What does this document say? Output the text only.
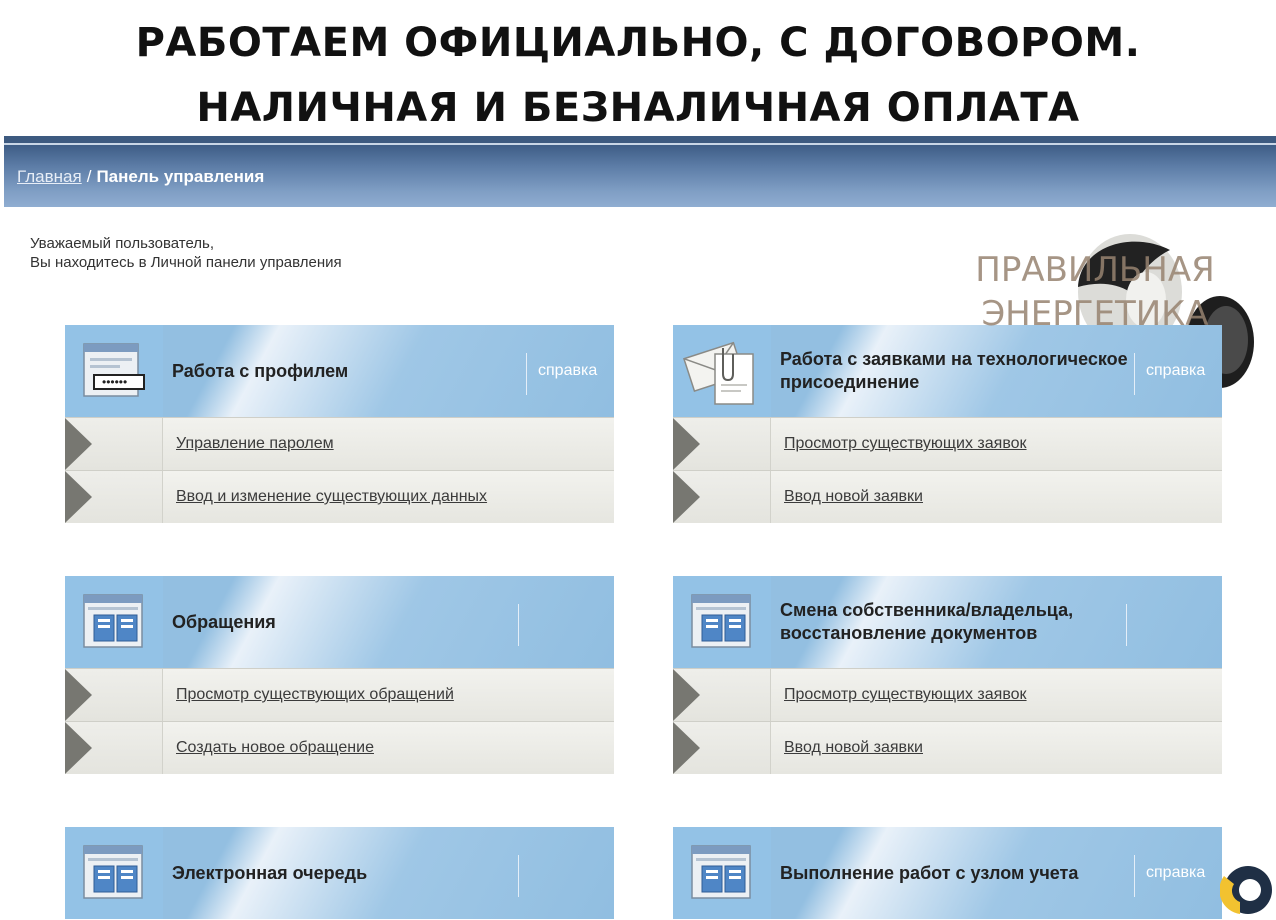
РАБОТАЕМ ОФИЦИАЛЬНО, С ДОГОВОРОМ.
НАЛИЧНАЯ И БЕЗНАЛИЧНАЯ ОПЛАТА
Главная / Панель управления
Уважаемый пользователь,
Вы находитесь в Личной панели управления	ПРАВИЛЬНАЯ
ЭНЕРГЕТИКА
••••••
Работа с профилем	справка
Управление паролем
Ввод и изменение существующих данных
Работа с заявками на технологическое присоединение
справка
Просмотр существующих заявок
Ввод новой заявки
Обращения
Просмотр существующих обращений
Создать новое обращение
Смена собственника/владельца, восстановление документов
Просмотр существующих заявок
Ввод новой заявки
Электронная очередь	Выполнение работ с узлом учета	справка
